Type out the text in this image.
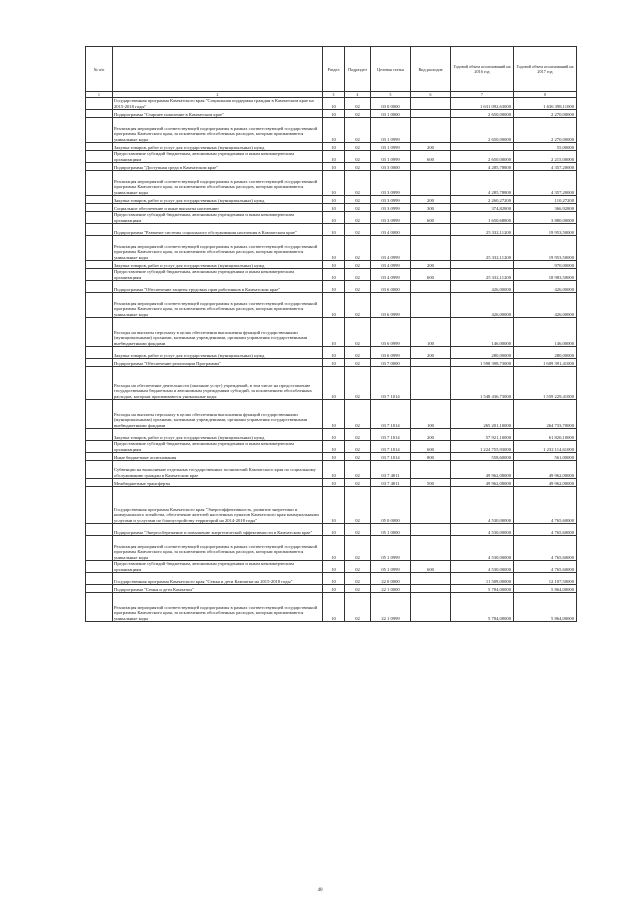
№ п/п		Раздел	Подраздел	Целевая статья	Вид расходов	Годовой объем ассигнований на 2016 год	Годовой объем ассигнований на 2017 год
1	2	3	4	5	6	7	8
	Государственная программа Камчатского края "Социальная поддержка граждан в Камчатском крае на 2015-2018 годы"	10	02	03 0 0000		1 631 092,63000	1 636 398,11000
	Подпрограмма "Старшее поколение в Камчатском крае"	10	02	03 1 0000		2 650,00000	2 270,00000
	Реализация мероприятий соответствующей подпрограммы в рамках соответствующей государственной программы Камчатского края, за исключением обособленных расходов, которым присваиваются уникальные коды	10	02	03 1 0999		2 650,00000	2 270,00000
	Закупка товаров, работ и услуг для государственных (муниципальных) нужд	10	02	03 1 0999	200		55,00000
	Предоставление субсидий бюджетным, автономным учреждениям и иным некоммерческим организациям	10	02	03 1 0999	600	2 650,00000	2 215,00000
	Подпрограмма "Доступная среда в Камчатском крае"	10	02	03 3 0000		4 285,78800	4 357,20000
	Реализация мероприятий соответствующей подпрограммы в рамках соответствующей государственной программы Камчатского края, за исключением обособленных расходов, которым присваиваются уникальные коды	10	02	03 3 0999		4 285,78800	4 357,20000
	Закупка товаров, работ и услуг для государственных (муниципальных) нужд	10	02	03 3 0999	200	2 260,27200	110,27200
	Социальное обеспечение и иные выплаты населению	10	02	03 3 0999	300	374,82800	366,92800
	Предоставление субсидий бюджетным, автономным учреждениям и иным некоммерческим организациям	10	02	03 3 0999	600	1 650,68800	3 880,00000
	Подпрограмма "Развитие системы социального обслуживания населения в Камчатском крае"	10	02	03 4 0000		25 332,11200	19 953,50000
	Реализация мероприятий соответствующей подпрограммы в рамках соответствующей государственной программы Камчатского края, за исключением обособленных расходов, которым присваиваются уникальные коды	10	02	03 4 0999		25 332,11200	19 953,50000
	Закупка товаров, работ и услуг для государственных (муниципальных) нужд	10	02	03 4 0999	200		970,00000
	Предоставление субсидий бюджетным, автономным учреждениям и иным некоммерческим организациям	10	02	03 4 0999	600	25 332,11200	18 983,50000
	Подпрограмма "Обеспечение защиты трудовых прав работников в Камчатском крае"	10	02	03 6 0000		426,00000	426,00000
	Реализация мероприятий соответствующей подпрограммы в рамках соответствующей государственной программы Камчатского края, за исключением обособленных расходов, которым присваиваются уникальные коды	10	02	03 6 0999		426,00000	426,00000
	Расходы на выплаты персоналу в целях обеспечения выполнения функций государственными (муниципальными) органами, казенными учреждениями, органами управления государственными внебюджетными фондами	10	02	03 6 0999	100	146,00000	146,00000
	Закупка товаров, работ и услуг для государственных (муниципальных) нужд	10	02	03 6 0999	200	280,00000	280,00000
	Подпрограмма "Обеспечение реализации Программы"	10	02	03 7 0000		1 598 398,73000	1 609 391,41000
	Расходы на обеспечение деятельности (оказание услуг) учреждений, в том числе на предоставление государственным бюджетным и автономным учреждениям субсидий, за исключением обособленных расходов, которым присваиваются уникальные коды	10	02	03 7 1014		1 548 436,73000	1 559 229,41000
	Расходы на выплаты персоналу в целях обеспечения выполнения функций государственными (муниципальными) органами, казенными учреждениями, органами управления государственными внебюджетными фондами	10	02	03 7 1014	100	265 201,10000	264 733,70000
	Закупка товаров, работ и услуг для государственных (муниципальных) нужд	10	02	03 7 1014	200	57 921,10000	61 820,10000
	Предоставление субсидий бюджетным, автономным учреждениям и иным некоммерческим организациям	10	02	03 7 1014	600	1 224 755,93000	1 232 114,61000
	Иные бюджетные ассигнования	10	02	03 7 1014	800	558,60000	561,00000
	Субвенции на выполнение отдельных государственных полномочий Камчатского края по социальному обслуживанию граждан в Камчатском крае	10	02	03 7 4011		49 962,00000	49 962,00000
	Межбюджетные трансферты	10	02	03 7 4011	500	49 962,00000	49 962,00000
	Государственная программа Камчатского края "Энергоэффективность, развитие энергетики и коммунального хозяйства, обеспечение жителей населенных пунктов Камчатского края коммунальными услугами и услугами по благоустройству территорий на 2014-2018 годы"	10	02	05 0 0000		4 530,00000	4 765,60000
	Подпрограмма "Энергосбережение и повышение энергетической эффективности в Камчатском крае"	10	02	05 1 0000		4 530,00000	4 765,60000
	Реализация мероприятий соответствующей подпрограммы в рамках соответствующей государственной программы Камчатского края, за исключением обособленных расходов, которым присваиваются уникальные коды	10	02	05 1 0999		4 530,00000	4 765,60000
	Предоставление субсидий бюджетным, автономным учреждениям и иным некоммерческим организациям	10	02	05 1 0999	600	4 530,00000	4 765,60000
	Государственная программа Камчатского края "Семья и дети Камчатки на 2015-2018 годы"	10	02	22 0 0000		11 509,00000	12 107,50000
	Подпрограмма "Семья и дети Камчатки"	10	02	22 1 0000		5 784,00000	5 864,00000
	Реализация мероприятий соответствующей подпрограммы в рамках соответствующей государственной программы Камчатского края, за исключением обособленных расходов, которым присваиваются уникальные коды	10	02	22 1 0999		5 784,00000	5 864,00000
40
